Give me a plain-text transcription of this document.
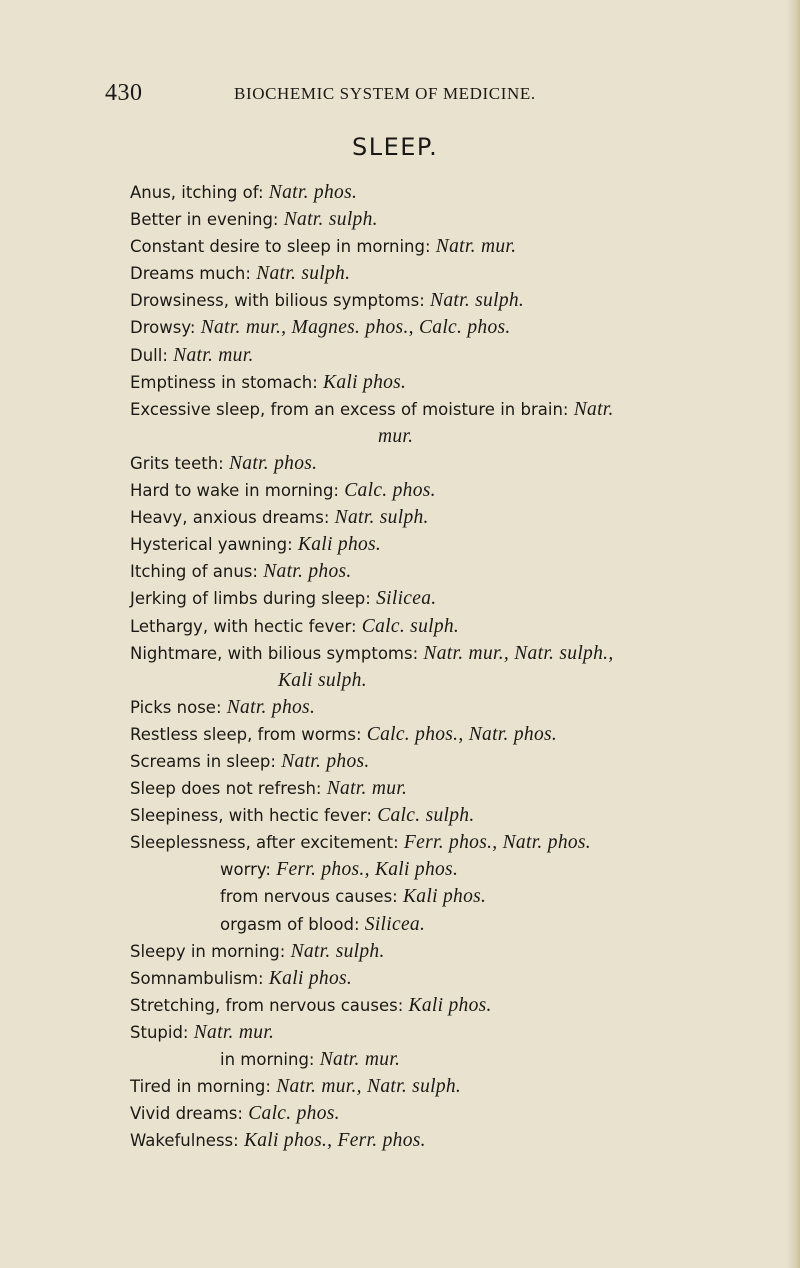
430	BIOCHEMIC SYSTEM OF MEDICINE.
SLEEP.
Anus, itching of: Natr. phos.
Better in evening: Natr. sulph.
Constant desire to sleep in morning: Natr. mur.
Dreams much: Natr. sulph.
Drowsiness, with bilious symptoms: Natr. sulph.
Drowsy: Natr. mur., Magnes. phos., Calc. phos.
Dull: Natr. mur.
Emptiness in stomach: Kali phos.
Excessive sleep, from an excess of moisture in brain: Natr.
mur.
Grits teeth: Natr. phos.
Hard to wake in morning: Calc. phos.
Heavy, anxious dreams: Natr. sulph.
Hysterical yawning: Kali phos.
Itching of anus: Natr. phos.
Jerking of limbs during sleep: Silicea.
Lethargy, with hectic fever: Calc. sulph.
Nightmare, with bilious symptoms: Natr. mur., Natr. sulph.,
Kali sulph.
Picks nose: Natr. phos.
Restless sleep, from worms: Calc. phos., Natr. phos.
Screams in sleep: Natr. phos.
Sleep does not refresh: Natr. mur.
Sleepiness, with hectic fever: Calc. sulph.
Sleeplessness, after excitement: Ferr. phos., Natr. phos.
worry: Ferr. phos., Kali phos.
from nervous causes: Kali phos.
orgasm of blood: Silicea.
Sleepy in morning: Natr. sulph.
Somnambulism: Kali phos.
Stretching, from nervous causes: Kali phos.
Stupid: Natr. mur.
in morning: Natr. mur.
Tired in morning: Natr. mur., Natr. sulph.
Vivid dreams: Calc. phos.
Wakefulness: Kali phos., Ferr. phos.
